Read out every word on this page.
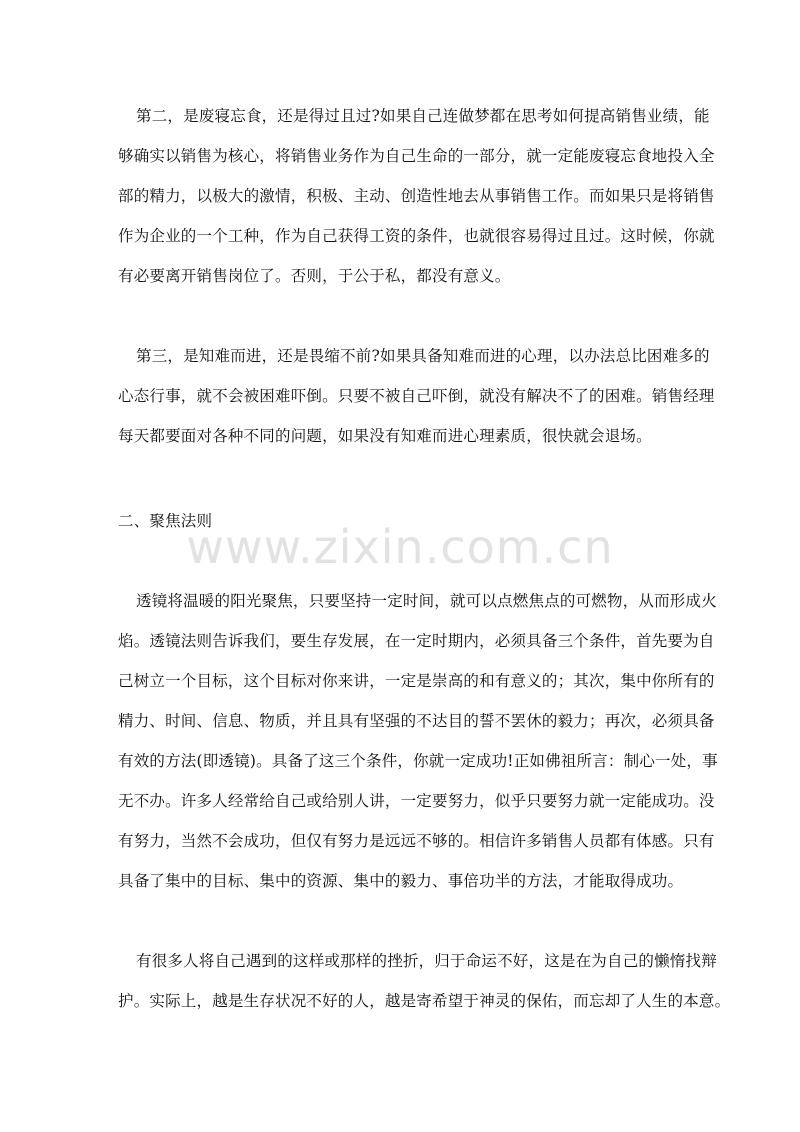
www.zixin.com.cn
第二，是废寝忘食，还是得过且过?如果自己连做梦都在思考如何提高销售业绩，能
够确实以销售为核心，将销售业务作为自己生命的一部分，就一定能废寝忘食地投入全
部的精力，以极大的激情，积极、主动、创造性地去从事销售工作。而如果只是将销售
作为企业的一个工种，作为自己获得工资的条件，也就很容易得过且过。这时候，你就
有必要离开销售岗位了。否则，于公于私，都没有意义。
第三，是知难而进，还是畏缩不前?如果具备知难而进的心理，以办法总比困难多的
心态行事，就不会被困难吓倒。只要不被自己吓倒，就没有解决不了的困难。销售经理
每天都要面对各种不同的问题，如果没有知难而进心理素质，很快就会退场。
二、聚焦法则
透镜将温暖的阳光聚焦，只要坚持一定时间，就可以点燃焦点的可燃物，从而形成火
焰。透镜法则告诉我们，要生存发展，在一定时期内，必须具备三个条件，首先要为自
己树立一个目标，这个目标对你来讲，一定是崇高的和有意义的；其次，集中你所有的
精力、时间、信息、物质，并且具有坚强的不达目的誓不罢休的毅力；再次，必须具备
有效的方法(即透镜)。具备了这三个条件，你就一定成功!正如佛祖所言：制心一处，事
无不办。许多人经常给自己或给别人讲，一定要努力，似乎只要努力就一定能成功。没
有努力，当然不会成功，但仅有努力是远远不够的。相信许多销售人员都有体感。只有
具备了集中的目标、集中的资源、集中的毅力、事倍功半的方法，才能取得成功。
有很多人将自己遇到的这样或那样的挫折，归于命运不好，这是在为自己的懒惰找辩
护。实际上，越是生存状况不好的人，越是寄希望于神灵的保佑，而忘却了人生的本意。
